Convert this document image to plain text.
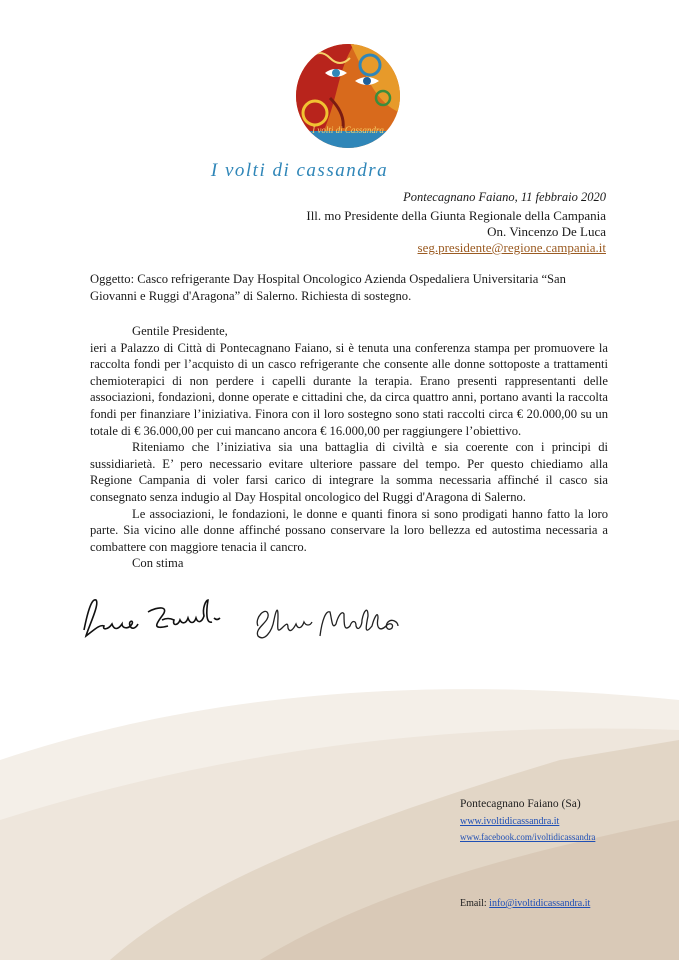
I volti di Cassandra
I volti di cassandra
Pontecagnano Faiano, 11 febbraio 2020
Ill. mo Presidente della Giunta Regionale della Campania
On. Vincenzo De Luca
seg.presidente@regione.campania.it
Oggetto: Casco refrigerante Day Hospital Oncologico Azienda Ospedaliera Universitaria “San Giovanni e Ruggi d'Aragona” di Salerno. Richiesta di sostegno.

Gentile Presidente,

ieri a Palazzo di Città di Pontecagnano Faiano, si è tenuta una conferenza stampa per promuovere la raccolta fondi per l’acquisto di un casco refrigerante che consente alle donne sottoposte a trattamenti chemioterapici di non perdere i capelli durante la terapia. Erano presenti rappresentanti delle associazioni, fondazioni, donne operate e cittadini che, da circa quattro anni, portano avanti la raccolta fondi per finanziare l’iniziativa. Finora con il loro sostegno sono stati raccolti circa € 20.000,00 su un totale di € 36.000,00 per cui mancano ancora € 16.000,00 per raggiungere l’obiettivo.

Riteniamo che l’iniziativa sia una battaglia di civiltà e sia coerente con i principi di sussidiarietà. E’ pero necessario evitare ulteriore passare del tempo. Per questo chiediamo alla Regione Campania di voler farsi carico di integrare la somma necessaria affinché il casco sia consegnato senza indugio al Day Hospital oncologico del Ruggi d'Aragona di Salerno.

Le associazioni, le fondazioni, le donne e quanti finora si sono prodigati hanno fatto la loro parte. Sia vicino alle donne affinché possano conservare la loro bellezza ed autostima necessaria a combattere con maggiore tenacia il cancro.

Con stima

Pontecagnano Faiano (Sa)
www.ivoltidicassandra.it
www.facebook.com/ivoltidicassandra
Email: info@ivoltidicassandra.it
